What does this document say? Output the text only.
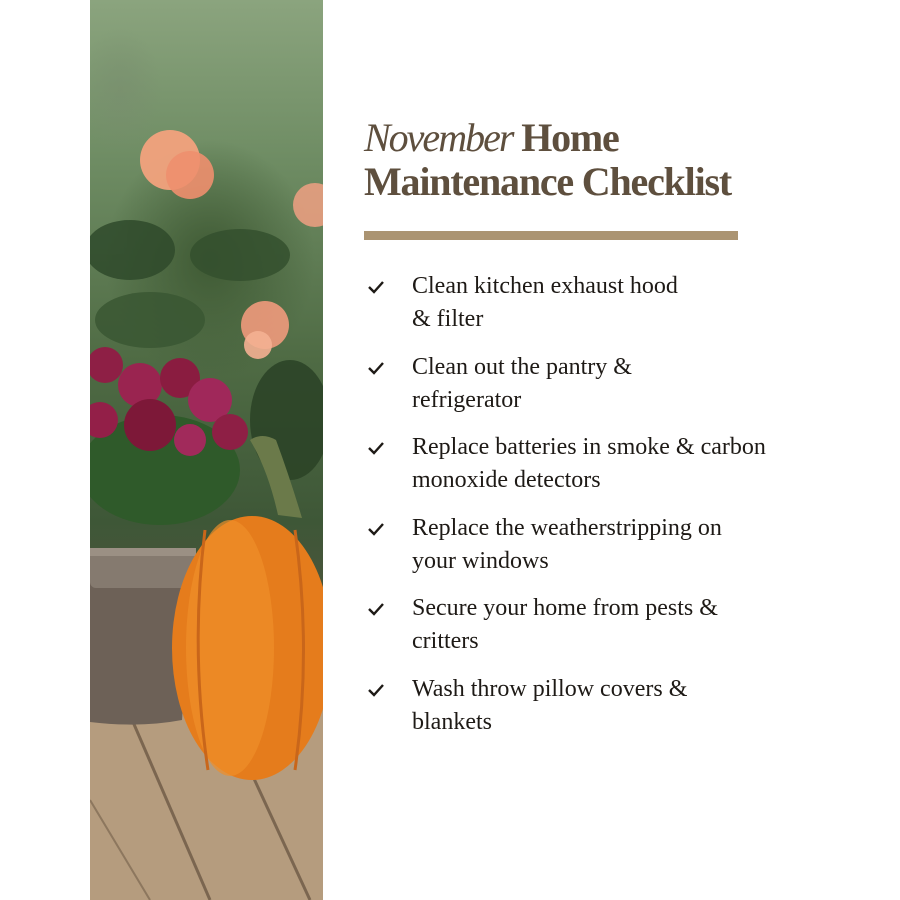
November Home
Maintenance Checklist
Clean kitchen exhaust hood
& filter
Clean out the pantry &
refrigerator
Replace batteries in smoke & carbon
monoxide detectors
Replace the weatherstripping on
your windows
Secure your home from pests &
critters
Wash throw pillow covers &
blankets
